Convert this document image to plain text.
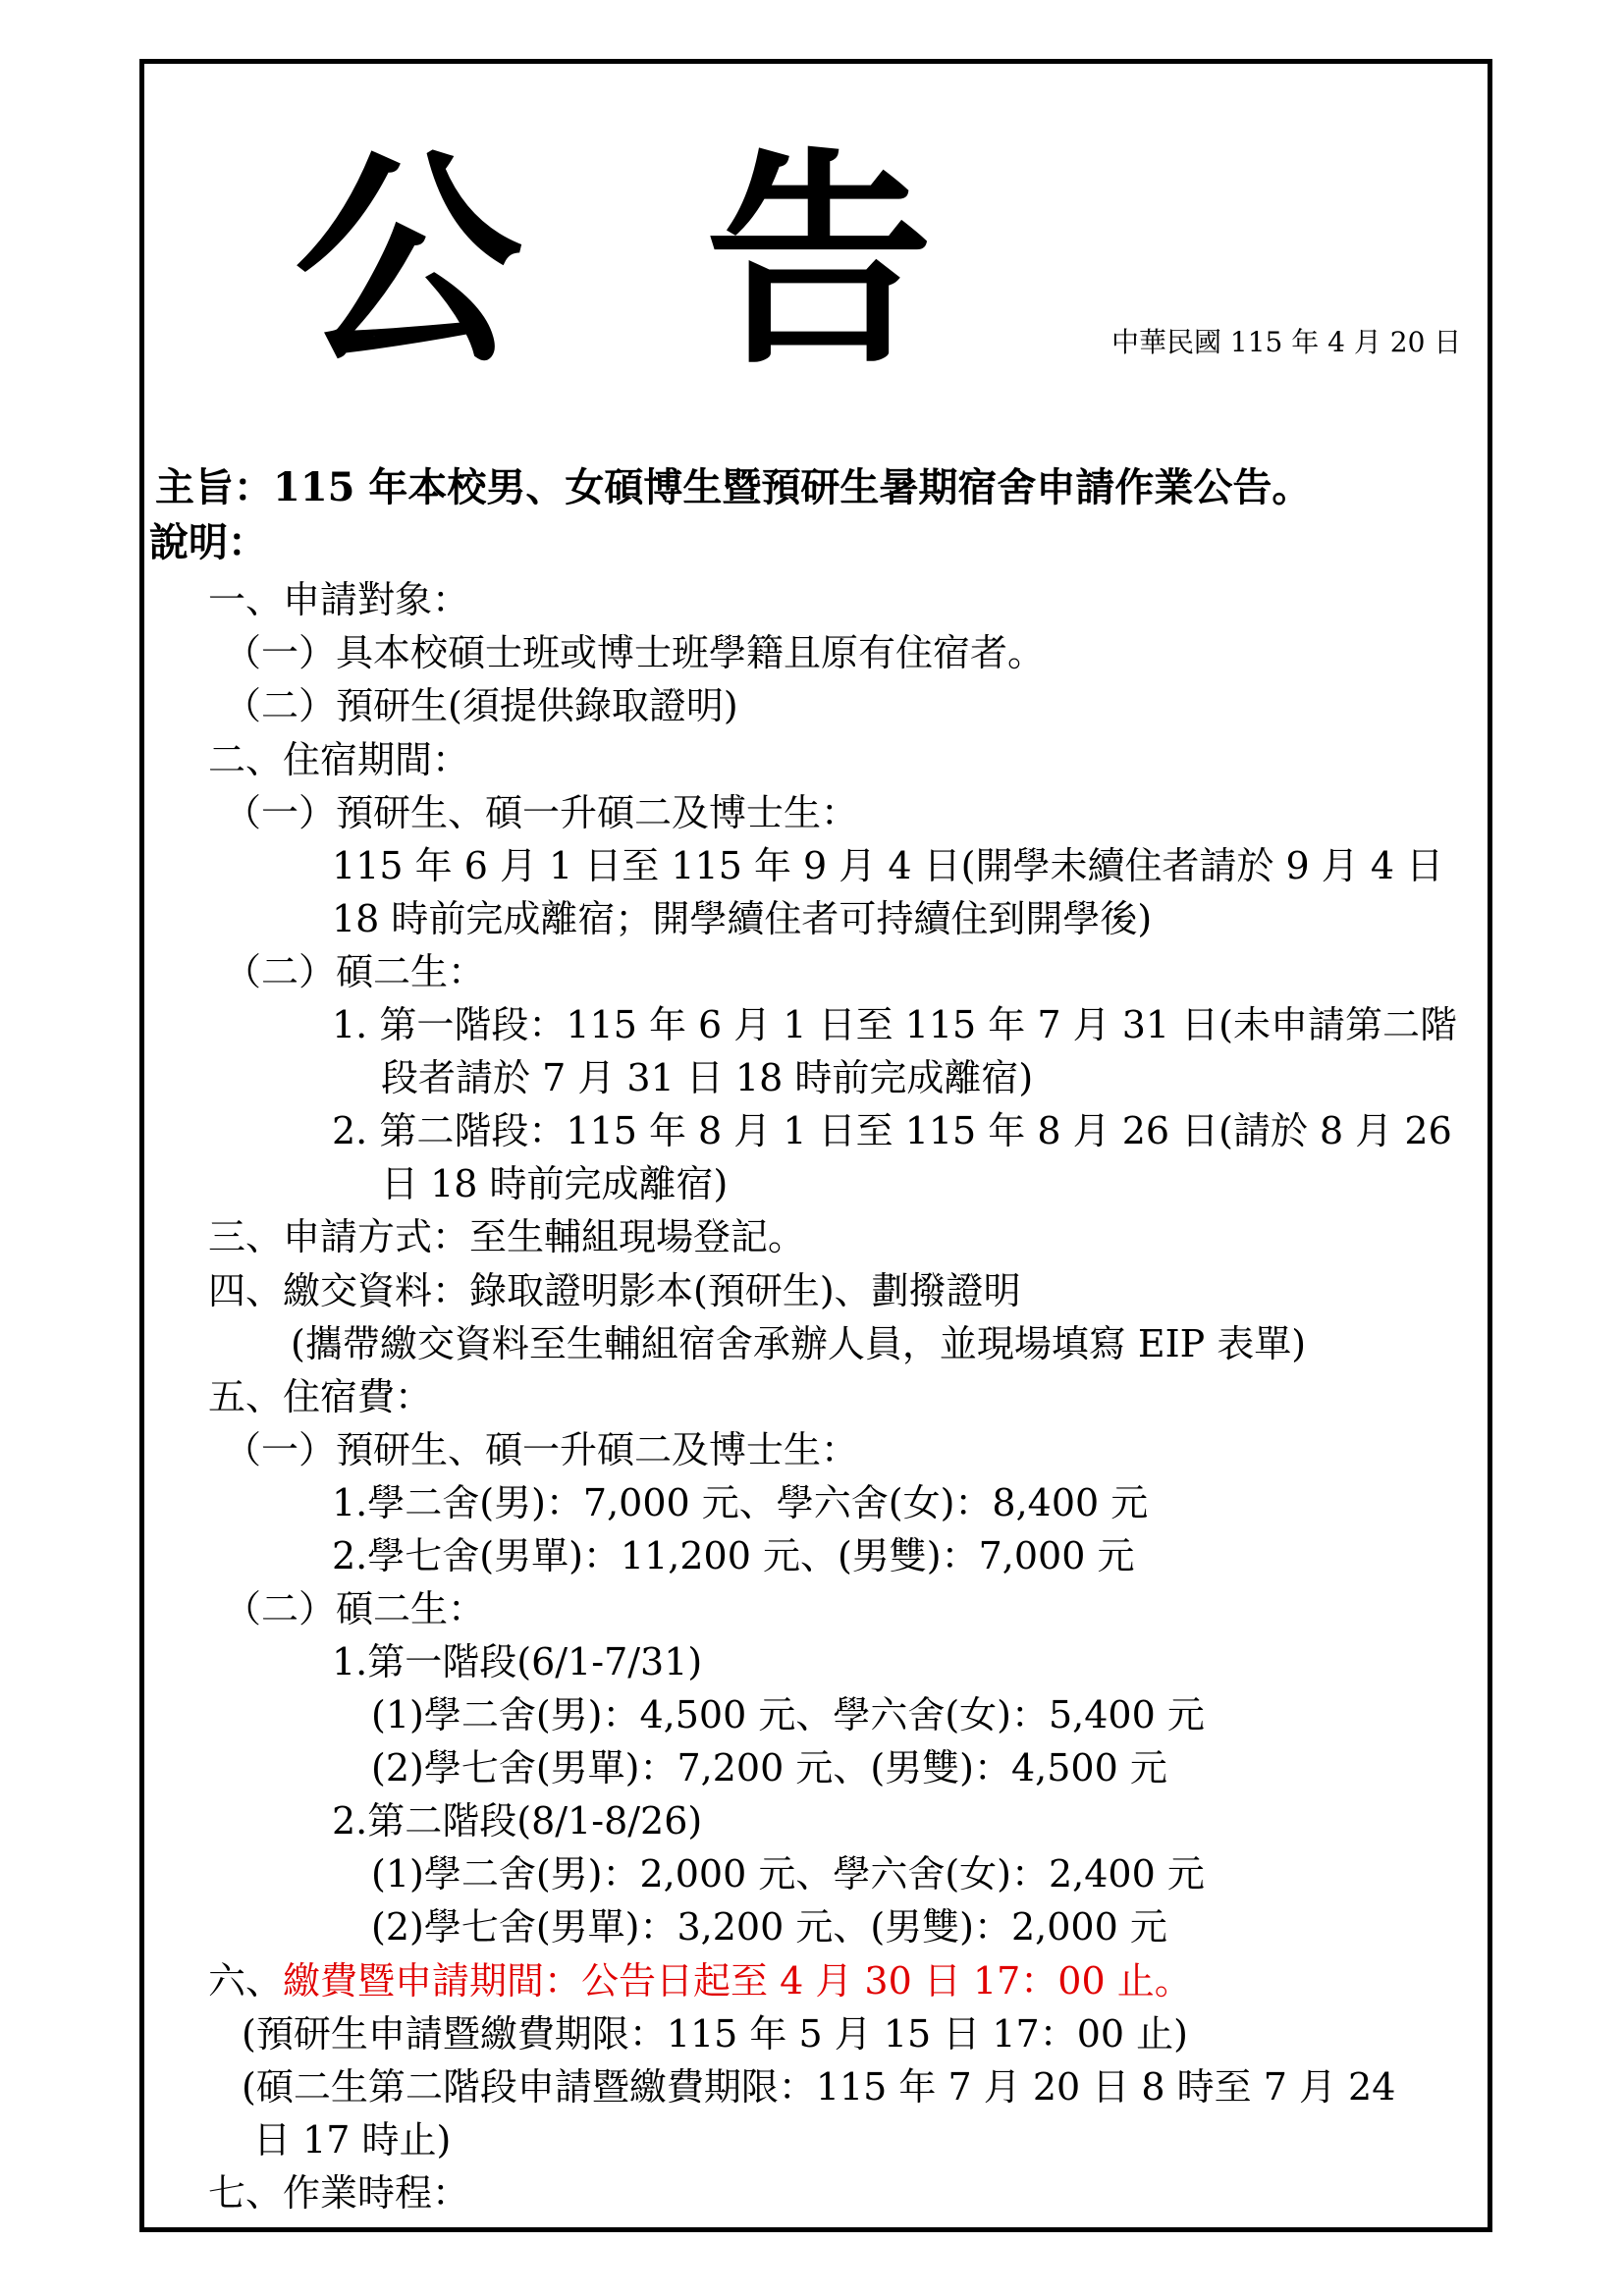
公 告	中華民國 115 年 4 月 20 日
主旨：115 年本校男、女碩博生暨預研生暑期宿舍申請作業公告。
說明：
一、申請對象：
（一）具本校碩士班或博士班學籍且原有住宿者。
（二）預研生(須提供錄取證明)
二、住宿期間：
（一）預研生、碩一升碩二及博士生：
115 年 6 月 1 日至 115 年 9 月 4 日(開學未續住者請於 9 月 4 日
18 時前完成離宿；開學續住者可持續住到開學後)
（二）碩二生：
1. 第一階段：115 年 6 月 1 日至 115 年 7 月 31 日(未申請第二階
段者請於 7 月 31 日 18 時前完成離宿)
2. 第二階段：115 年 8 月 1 日至 115 年 8 月 26 日(請於 8 月 26
日 18 時前完成離宿)
三、申請方式：至生輔組現場登記。
四、繳交資料：錄取證明影本(預研生)、劃撥證明
(攜帶繳交資料至生輔組宿舍承辦人員，並現場填寫 EIP 表單)
五、住宿費：
（一）預研生、碩一升碩二及博士生：
1.學二舍(男)：7,000 元、學六舍(女)：8,400 元
2.學七舍(男單)：11,200 元、(男雙)：7,000 元
（二）碩二生：
1.第一階段(6/1-7/31)
(1)學二舍(男)：4,500 元、學六舍(女)：5,400 元
(2)學七舍(男單)：7,200 元、(男雙)：4,500 元
2.第二階段(8/1-8/26)
(1)學二舍(男)：2,000 元、學六舍(女)：2,400 元
(2)學七舍(男單)：3,200 元、(男雙)：2,000 元
六、繳費暨申請期間：公告日起至 4 月 30 日 17：00 止。
(預研生申請暨繳費期限：115 年 5 月 15 日 17：00 止)
(碩二生第二階段申請暨繳費期限：115 年 7 月 20 日 8 時至 7 月 24
日 17 時止)
七、作業時程：
